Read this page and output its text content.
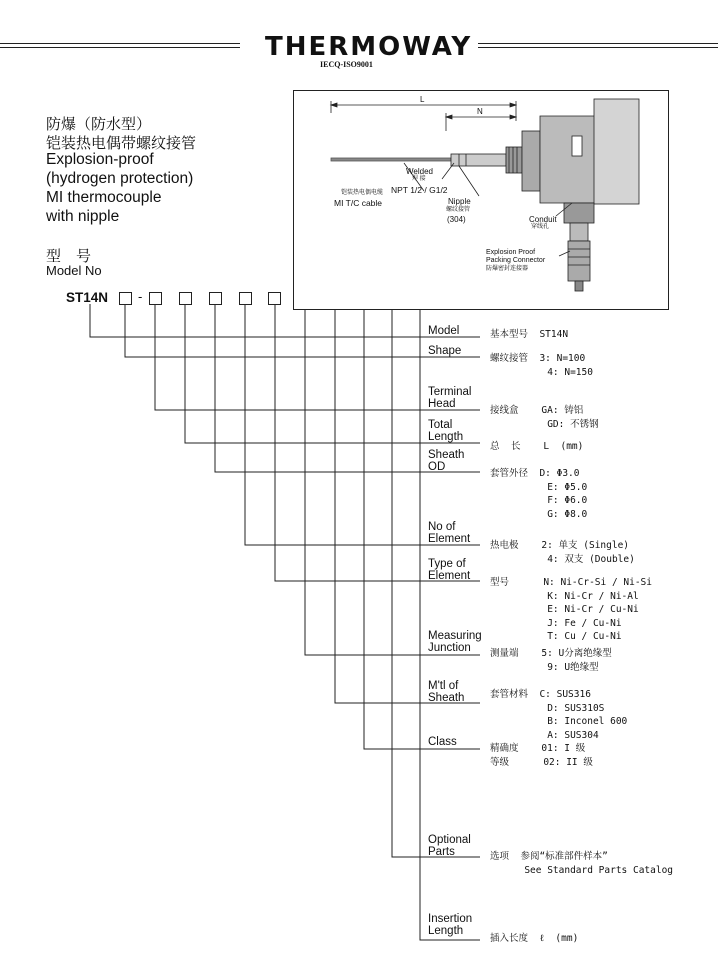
THERMOWAY
IECQ-ISO9001
防爆（防水型）
铠装热电偶带螺纹接管
Explosion-proof
(hydrogen protection)
MI thermocouple
with nipple
型　号
Model No
ST14N -
Model
Shape
Terminal
Head
Total
Length
Sheath
OD
No of
Element
Type of
Element
Measuring
Junction
M'tl of
Sheath
Class
Optional
Parts
Insertion
Length
基本型号  ST14N
螺纹接管  3: N=100
4: N=150
接线盒    GA: 铸铝
GD: 不锈钢
总  长    L  (mm)
套管外径  D: Φ3.0
E: Φ5.0
F: Φ6.0
G: Φ8.0
热电极    2: 单支 (Single)
4: 双支 (Double)
型号      N: Ni-Cr-Si / Ni-Si
K: Ni-Cr / Ni-Al
E: Ni-Cr / Cu-Ni
J: Fe / Cu-Ni
T: Cu / Cu-Ni
测量端    5: U分离绝缘型
9: U绝缘型
套管材料  C: SUS316
D: SUS310S
B: Inconel 600
A: SUS304
精确度    01: I 级
等级      02: II 级
选项  参阅“标准部件样本”
See Standard Parts Catalog
插入长度  ℓ  (mm)
L
N
Welded
焊 接
铠装热电偶电缆
MI T/C cable
NPT 1/2 / G1/2
Nipple
螺纹接管
(304)	Conduit
穿线孔
Explosion Proof
Packing Connector
防爆密封连接器
